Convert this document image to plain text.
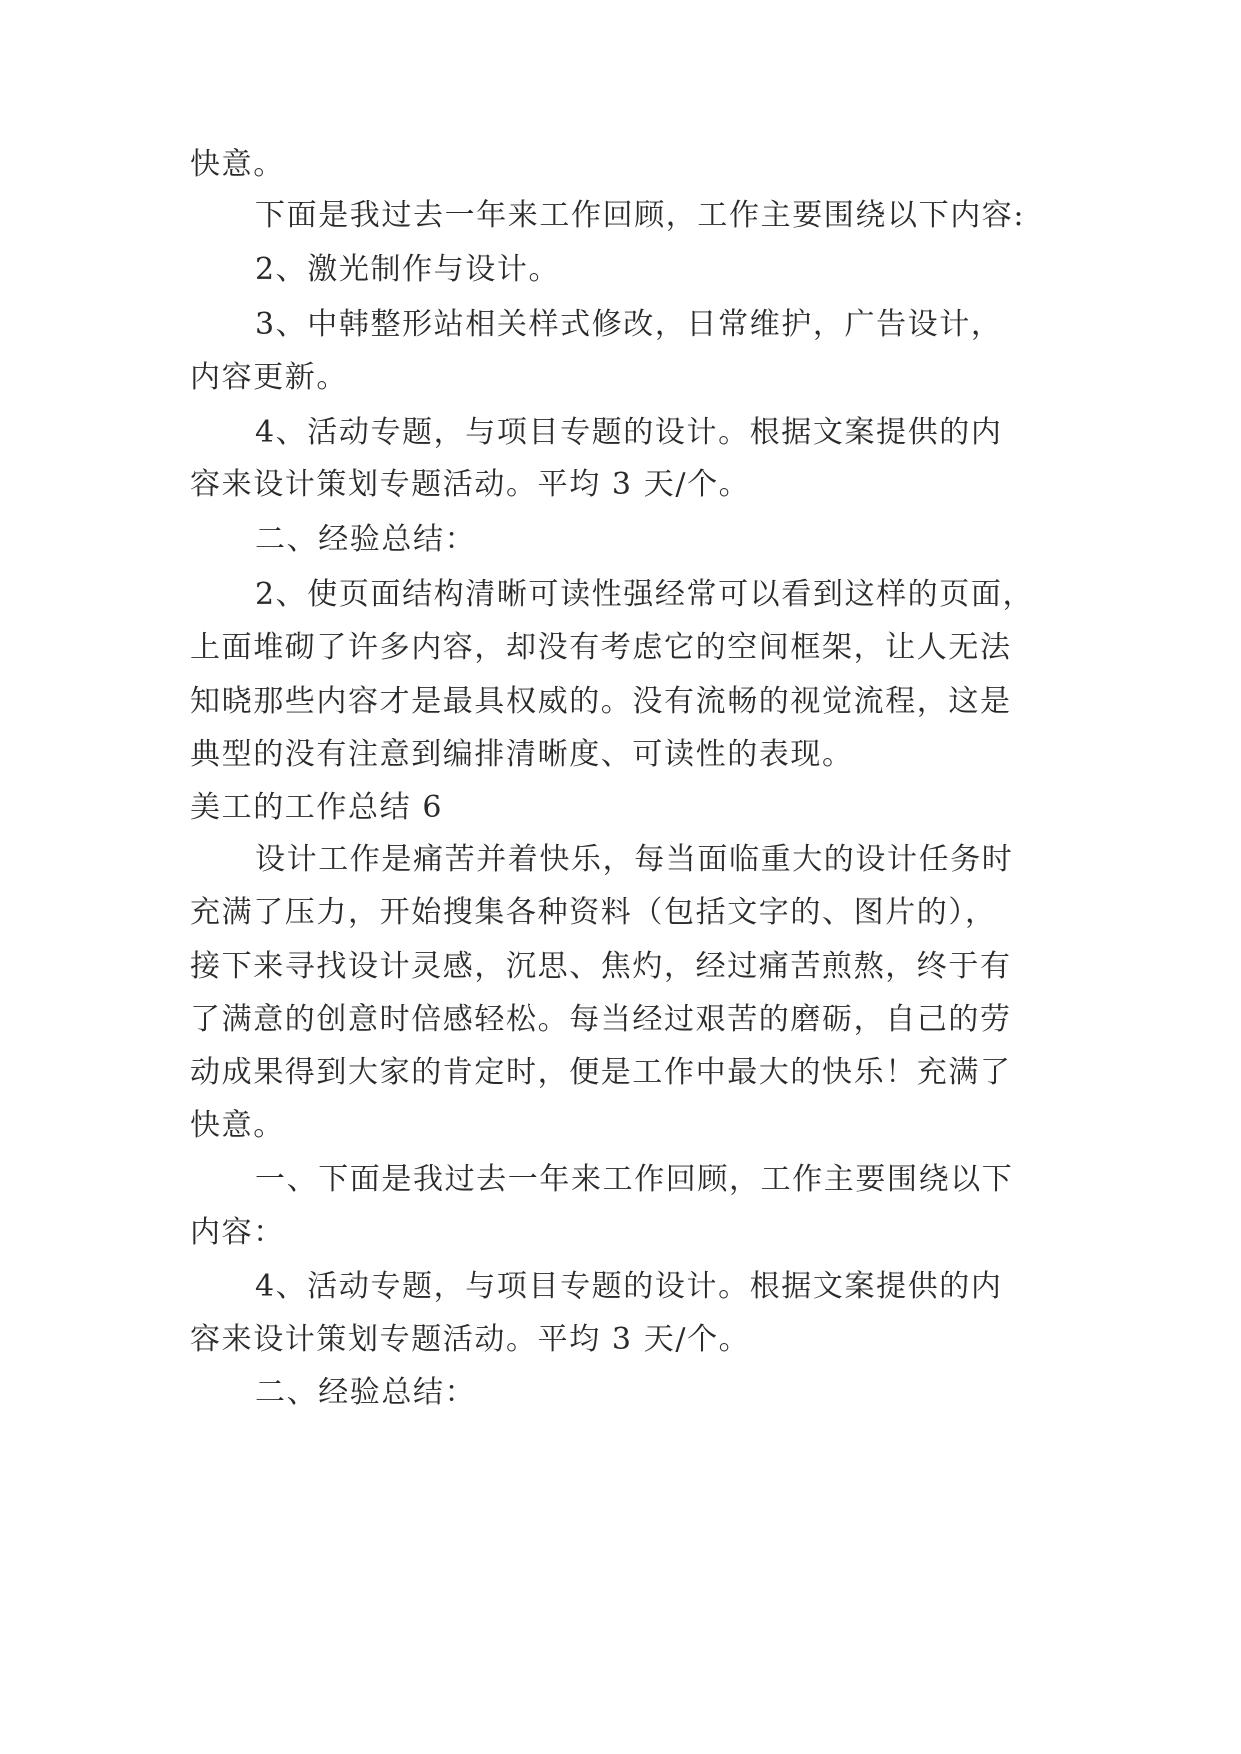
快意。

下面是我过去一年来工作回顾，工作主要围绕以下内容:

2、激光制作与设计。

3、中韩整形站相关样式修改，日常维护，广告设计，

内容更新。

4、活动专题，与项目专题的设计。根据文案提供的内

容来设计策划专题活动。平均 3 天/个。

二、经验总结：

2、使页面结构清晰可读性强经常可以看到这样的页面，

上面堆砌了许多内容，却没有考虑它的空间框架，让人无法

知晓那些内容才是最具权威的。没有流畅的视觉流程，这是

典型的没有注意到编排清晰度、可读性的表现。

美工的工作总结 6

设计工作是痛苦并着快乐，每当面临重大的设计任务时

充满了压力，开始搜集各种资料（包括文字的、图片的），

接下来寻找设计灵感，沉思、焦灼，经过痛苦煎熬，终于有

了满意的创意时倍感轻松。每当经过艰苦的磨砺，自己的劳

动成果得到大家的肯定时，便是工作中最大的快乐！充满了

快意。

一、下面是我过去一年来工作回顾，工作主要围绕以下

内容：

4、活动专题，与项目专题的设计。根据文案提供的内

容来设计策划专题活动。平均 3 天/个。

二、经验总结：
